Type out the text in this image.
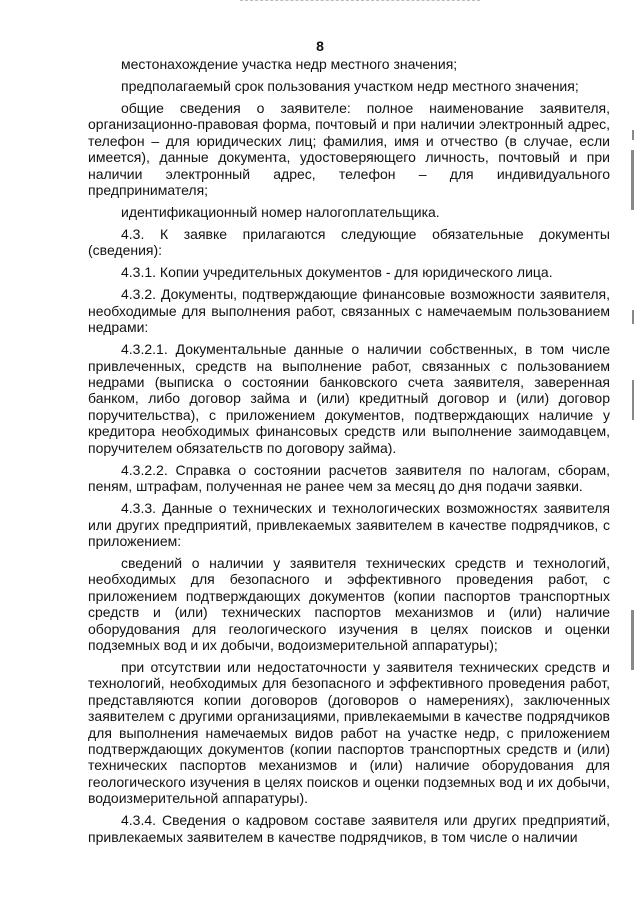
8

местонахождение участка недр местного значения;

предполагаемый срок пользования участком недр местного значения;

общие сведения о заявителе: полное наименование заявителя, организационно-правовая форма, почтовый и при наличии электронный адрес, телефон – для юридических лиц; фамилия, имя и отчество (в случае, если имеется), данные документа, удостоверяющего личность, почтовый и при наличии электронный адрес, телефон – для индивидуального предпринимателя;

идентификационный номер налогоплательщика.

4.3. К заявке прилагаются следующие обязательные документы (сведения):

4.3.1. Копии учредительных документов - для юридического лица.

4.3.2. Документы, подтверждающие финансовые возможности заявителя, необходимые для выполнения работ, связанных с намечаемым пользованием недрами:

4.3.2.1. Документальные данные о наличии собственных, в том числе привлеченных, средств на выполнение работ, связанных с пользованием недрами (выписка о состоянии банковского счета заявителя, заверенная банком, либо договор займа и (или) кредитный договор и (или) договор поручительства), с приложением документов, подтверждающих наличие у кредитора необходимых финансовых средств или выполнение заимодавцем, поручителем обязательств по договору займа).

4.3.2.2. Справка о состоянии расчетов заявителя по налогам, сборам, пеням, штрафам, полученная не ранее чем за месяц до дня подачи заявки.

4.3.3. Данные о технических и технологических возможностях заявителя или других предприятий, привлекаемых заявителем в качестве подрядчиков, с приложением:

сведений о наличии у заявителя технических средств и технологий, необходимых для безопасного и эффективного проведения работ, с приложением подтверждающих документов (копии паспортов транспортных средств и (или) технических паспортов механизмов и (или) наличие оборудования для геологического изучения в целях поисков и оценки подземных вод и их добычи, водоизмерительной аппаратуры);

при отсутствии или недостаточности у заявителя технических средств и технологий, необходимых для безопасного и эффективного проведения работ, представляются копии договоров (договоров о намерениях), заключенных заявителем с другими организациями, привлекаемыми в качестве подрядчиков для выполнения намечаемых видов работ на участке недр, с приложением подтверждающих документов (копии паспортов транспортных средств и (или) технических паспортов механизмов и (или) наличие оборудования для геологического изучения в целях поисков и оценки подземных вод и их добычи, водоизмерительной аппаратуры).

4.3.4. Сведения о кадровом составе заявителя или других предприятий, привлекаемых заявителем в качестве подрядчиков, в том числе о наличии
